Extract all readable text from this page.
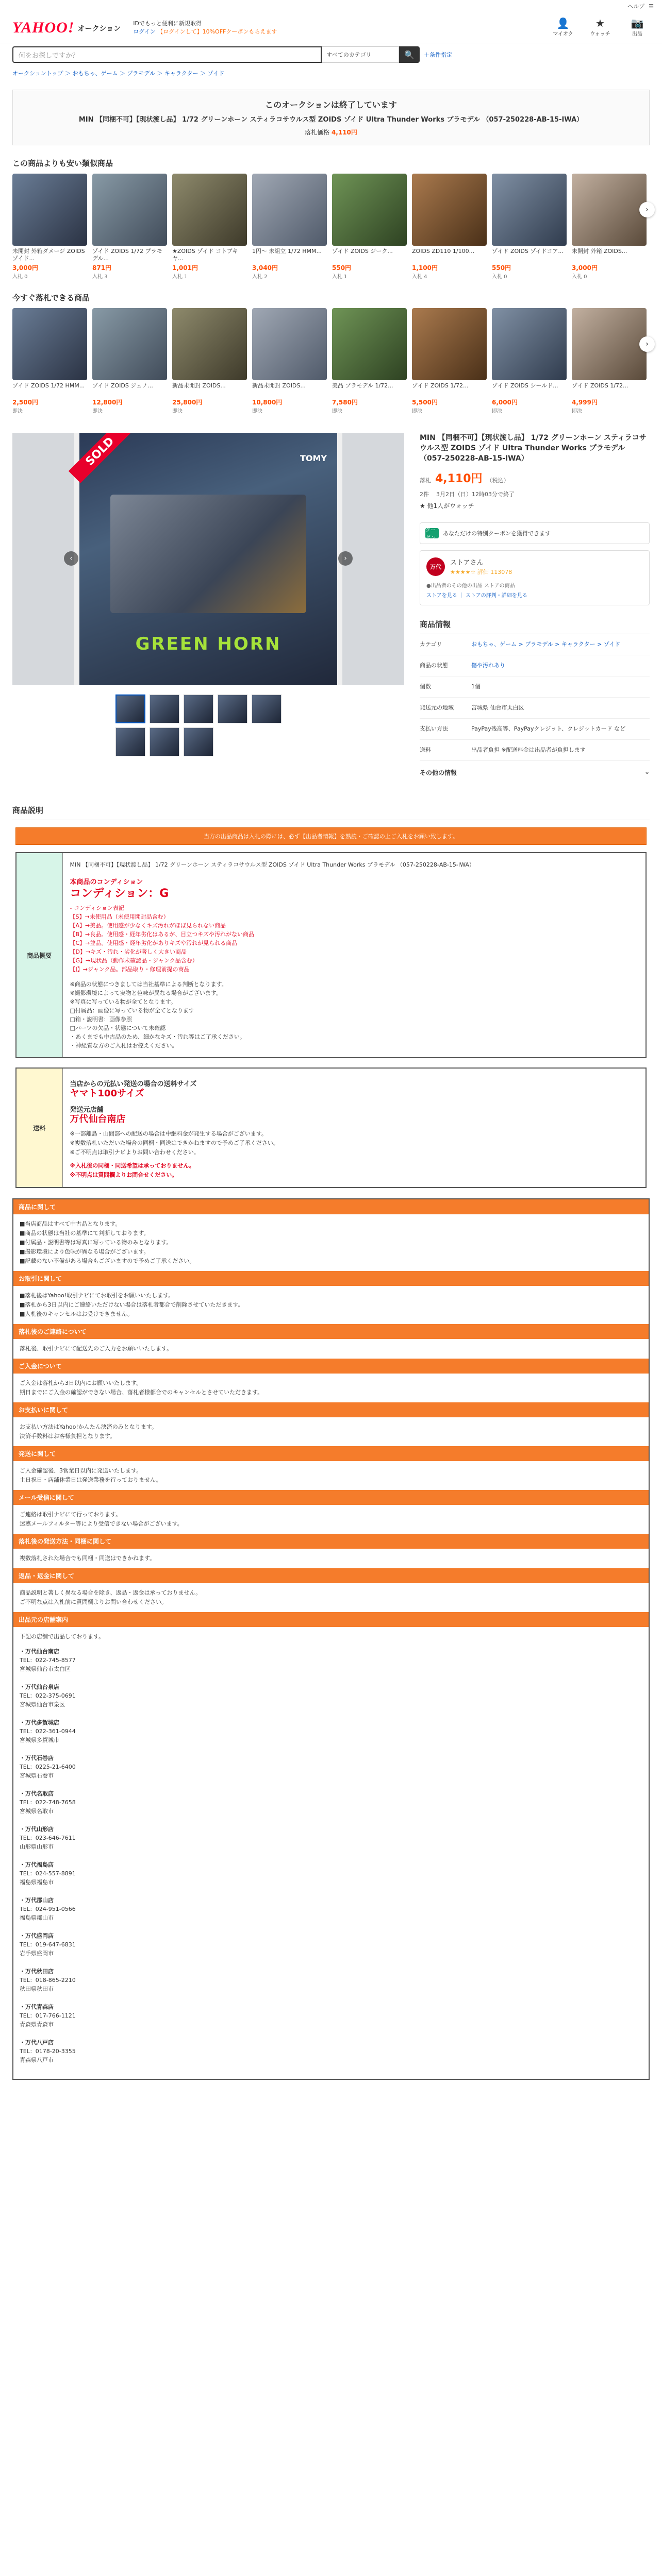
ヘルプ ☰
YAHOO! オークション
IDでもっと便利に新規取得
ログイン 【ログインして】10%OFFクーポンもらえます
👤
マイオク
★
ウォッチ
📷
出品
何をお探しですか？	すべてのカテゴリ	🔍 ＋条件指定
オークショントップ ＞ おもちゃ、ゲーム ＞ プラモデル ＞ キャラクター ＞ ゾイド
このオークションは終了しています
MIN 【同梱不可】【現状渡し品】 1/72 グリーンホーン スティラコサウルス型 ZOIDS ゾイド Ultra Thunder Works プラモデル （057-250228-AB-15-IWA）
落札価格 4,110円
この商品よりも安い類似商品
未開封 外箱ダメージ ZOIDS ゾイド...
3,000円
入札 0
ゾイド ZOIDS 1/72 プラモデル...
871円
入札 3
★ZOIDS ゾイド コトブキヤ...
1,001円
入札 1
1円〜 未組立 1/72 HMM...
3,040円
入札 2
ゾイド ZOIDS ジーク...
550円
入札 1
ZOIDS ZD110 1/100...
1,100円
入札 4
ゾイド ZOIDS ゾイドコア...
550円
入札 0
未開封 外箱 ZOIDS...
3,000円
入札 0
›
今すぐ落札できる商品
ゾイド ZOIDS 1/72 HMM...
2,500円
即決
ゾイド ZOIDS ジェノ...
12,800円
即決
新品未開封 ZOIDS...
25,800円
即決
新品未開封 ZOIDS...
10,800円
即決
美品 プラモデル 1/72...
7,580円
即決
ゾイド ZOIDS 1/72...
5,500円
即決
ゾイド ZOIDS シールド...
6,000円
即決
ゾイド ZOIDS 1/72...
4,999円
即決
›
SOLD	TOMY
GREEN HORN
‹	›
MIN 【同梱不可】【現状渡し品】 1/72 グリーンホーン スティラコサウルス型 ZOIDS ゾイド Ultra Thunder Works プラモデル （057-250228-AB-15-IWA）
落札 4,110円 （税込）
2件 3月2日（日）12時03分で終了
★ 他1人がウォッチ
クーポン
あなただけの特別クーポンを獲得できます
万代	ストアさん
★★★★☆ 評価 113078
●出品者のその他の出品 ストアの商品
ストアを見る ｜ ストアの評判・詳細を見る
商品情報
カテゴリ	おもちゃ、ゲーム > プラモデル > キャラクター > ゾイド
商品の状態	傷や汚れあり
個数	1個
発送元の地域	宮城県 仙台市太白区
支払い方法	PayPay残高等、PayPayクレジット、クレジットカード など
送料	出品者負担 ※配送料金は出品者が負担します
その他の情報	⌄
商品説明
当方の出品商品は入札の際には、必ず【出品者情報】を熟読・ご確認の上ご入札をお願い致します。
商品概要	
MIN 【同梱不可】【現状渡し品】 1/72 グリーンホーン スティラコサウルス型 ZOIDS ゾイド Ultra Thunder Works プラモデル （057-250228-AB-15-IWA）
本商品のコンディション
コンディション：G
- コンディション表記
【S】→未使用品（未使用開封品含む）
【A】→美品。使用感が少なくキズ汚れがほぼ見られない商品
【B】→良品。使用感・経年劣化はあるが、目立つキズや汚れがない商品
【C】→並品。使用感・経年劣化がありキズや汚れが見られる商品
【D】→キズ・汚れ・劣化が著しく大きい商品
【G】→現状品（動作未確認品・ジャンク品含む）
【J】→ジャンク品。部品取り・修理前提の商品
※商品の状態につきましては当社基準による判断となります。
※撮影環境によって実物と色味が異なる場合がございます。
※写真に写っている物が全てとなります。
□付属品：画像に写っている物が全てとなります
□箱・説明書：画像参照
□パーツの欠品・状態について未確認
・あくまでも中古品のため、細かなキズ・汚れ等はご了承ください。
・神経質な方のご入札はお控えください。
送料	
当店からの元払い発送の場合の送料サイズ
ヤマト100サイズ
発送元店舗
万代仙台南店
※一部離島・山間部への配送の場合は中継料金が発生する場合がございます。
※複数落札いただいた場合の同梱・同送はできかねますので予めご了承ください。
※ご不明点は取引ナビよりお問い合わせください。
※入札後の同梱・同送希望は承っておりません。
※不明点は質問欄よりお問合せください。
商品に関して
■当店商品はすべて中古品となります。
■商品の状態は当社の基準にて判断しております。
■付属品・説明書等は写真に写っている物のみとなります。
■撮影環境により色味が異なる場合がございます。
■記載のない不備がある場合もございますので予めご了承ください。
お取引に関して
■落札後はYahoo!取引ナビにてお取引をお願いいたします。
■落札から3日以内にご連絡いただけない場合は落札者都合で削除させていただきます。
■入札後のキャンセルはお受けできません。
落札後のご連絡について
落札後、取引ナビにて配送先のご入力をお願いいたします。
ご入金について
ご入金は落札から3日以内にお願いいたします。
期日までにご入金の確認ができない場合、落札者様都合でのキャンセルとさせていただきます。
お支払いに関して
お支払い方法はYahoo!かんたん決済のみとなります。
決済手数料はお客様負担となります。
発送に関して
ご入金確認後、3営業日以内に発送いたします。
土日祝日・店舗休業日は発送業務を行っておりません。
メール受信に関して
ご連絡は取引ナビにて行っております。
迷惑メールフィルター等により受信できない場合がございます。
落札後の発送方法・同梱に関して
複数落札された場合でも同梱・同送はできかねます。
返品・返金に関して
商品説明と著しく異なる場合を除き、返品・返金は承っておりません。
ご不明な点は入札前に質問欄よりお問い合わせください。
出品元の店舗案内
下記の店舗で出品しております。
・万代仙台南店
TEL：022-745-8577
宮城県仙台市太白区
・万代仙台泉店
TEL：022-375-0691
宮城県仙台市泉区
・万代多賀城店
TEL：022-361-0944
宮城県多賀城市
・万代石巻店
TEL：0225-21-6400
宮城県石巻市
・万代名取店
TEL：022-748-7658
宮城県名取市
・万代山形店
TEL：023-646-7611
山形県山形市
・万代福島店
TEL：024-557-8891
福島県福島市
・万代郡山店
TEL：024-951-0566
福島県郡山市
・万代盛岡店
TEL：019-647-6831
岩手県盛岡市
・万代秋田店
TEL：018-865-2210
秋田県秋田市
・万代青森店
TEL：017-766-1121
青森県青森市
・万代八戸店
TEL：0178-20-3355
青森県八戸市
